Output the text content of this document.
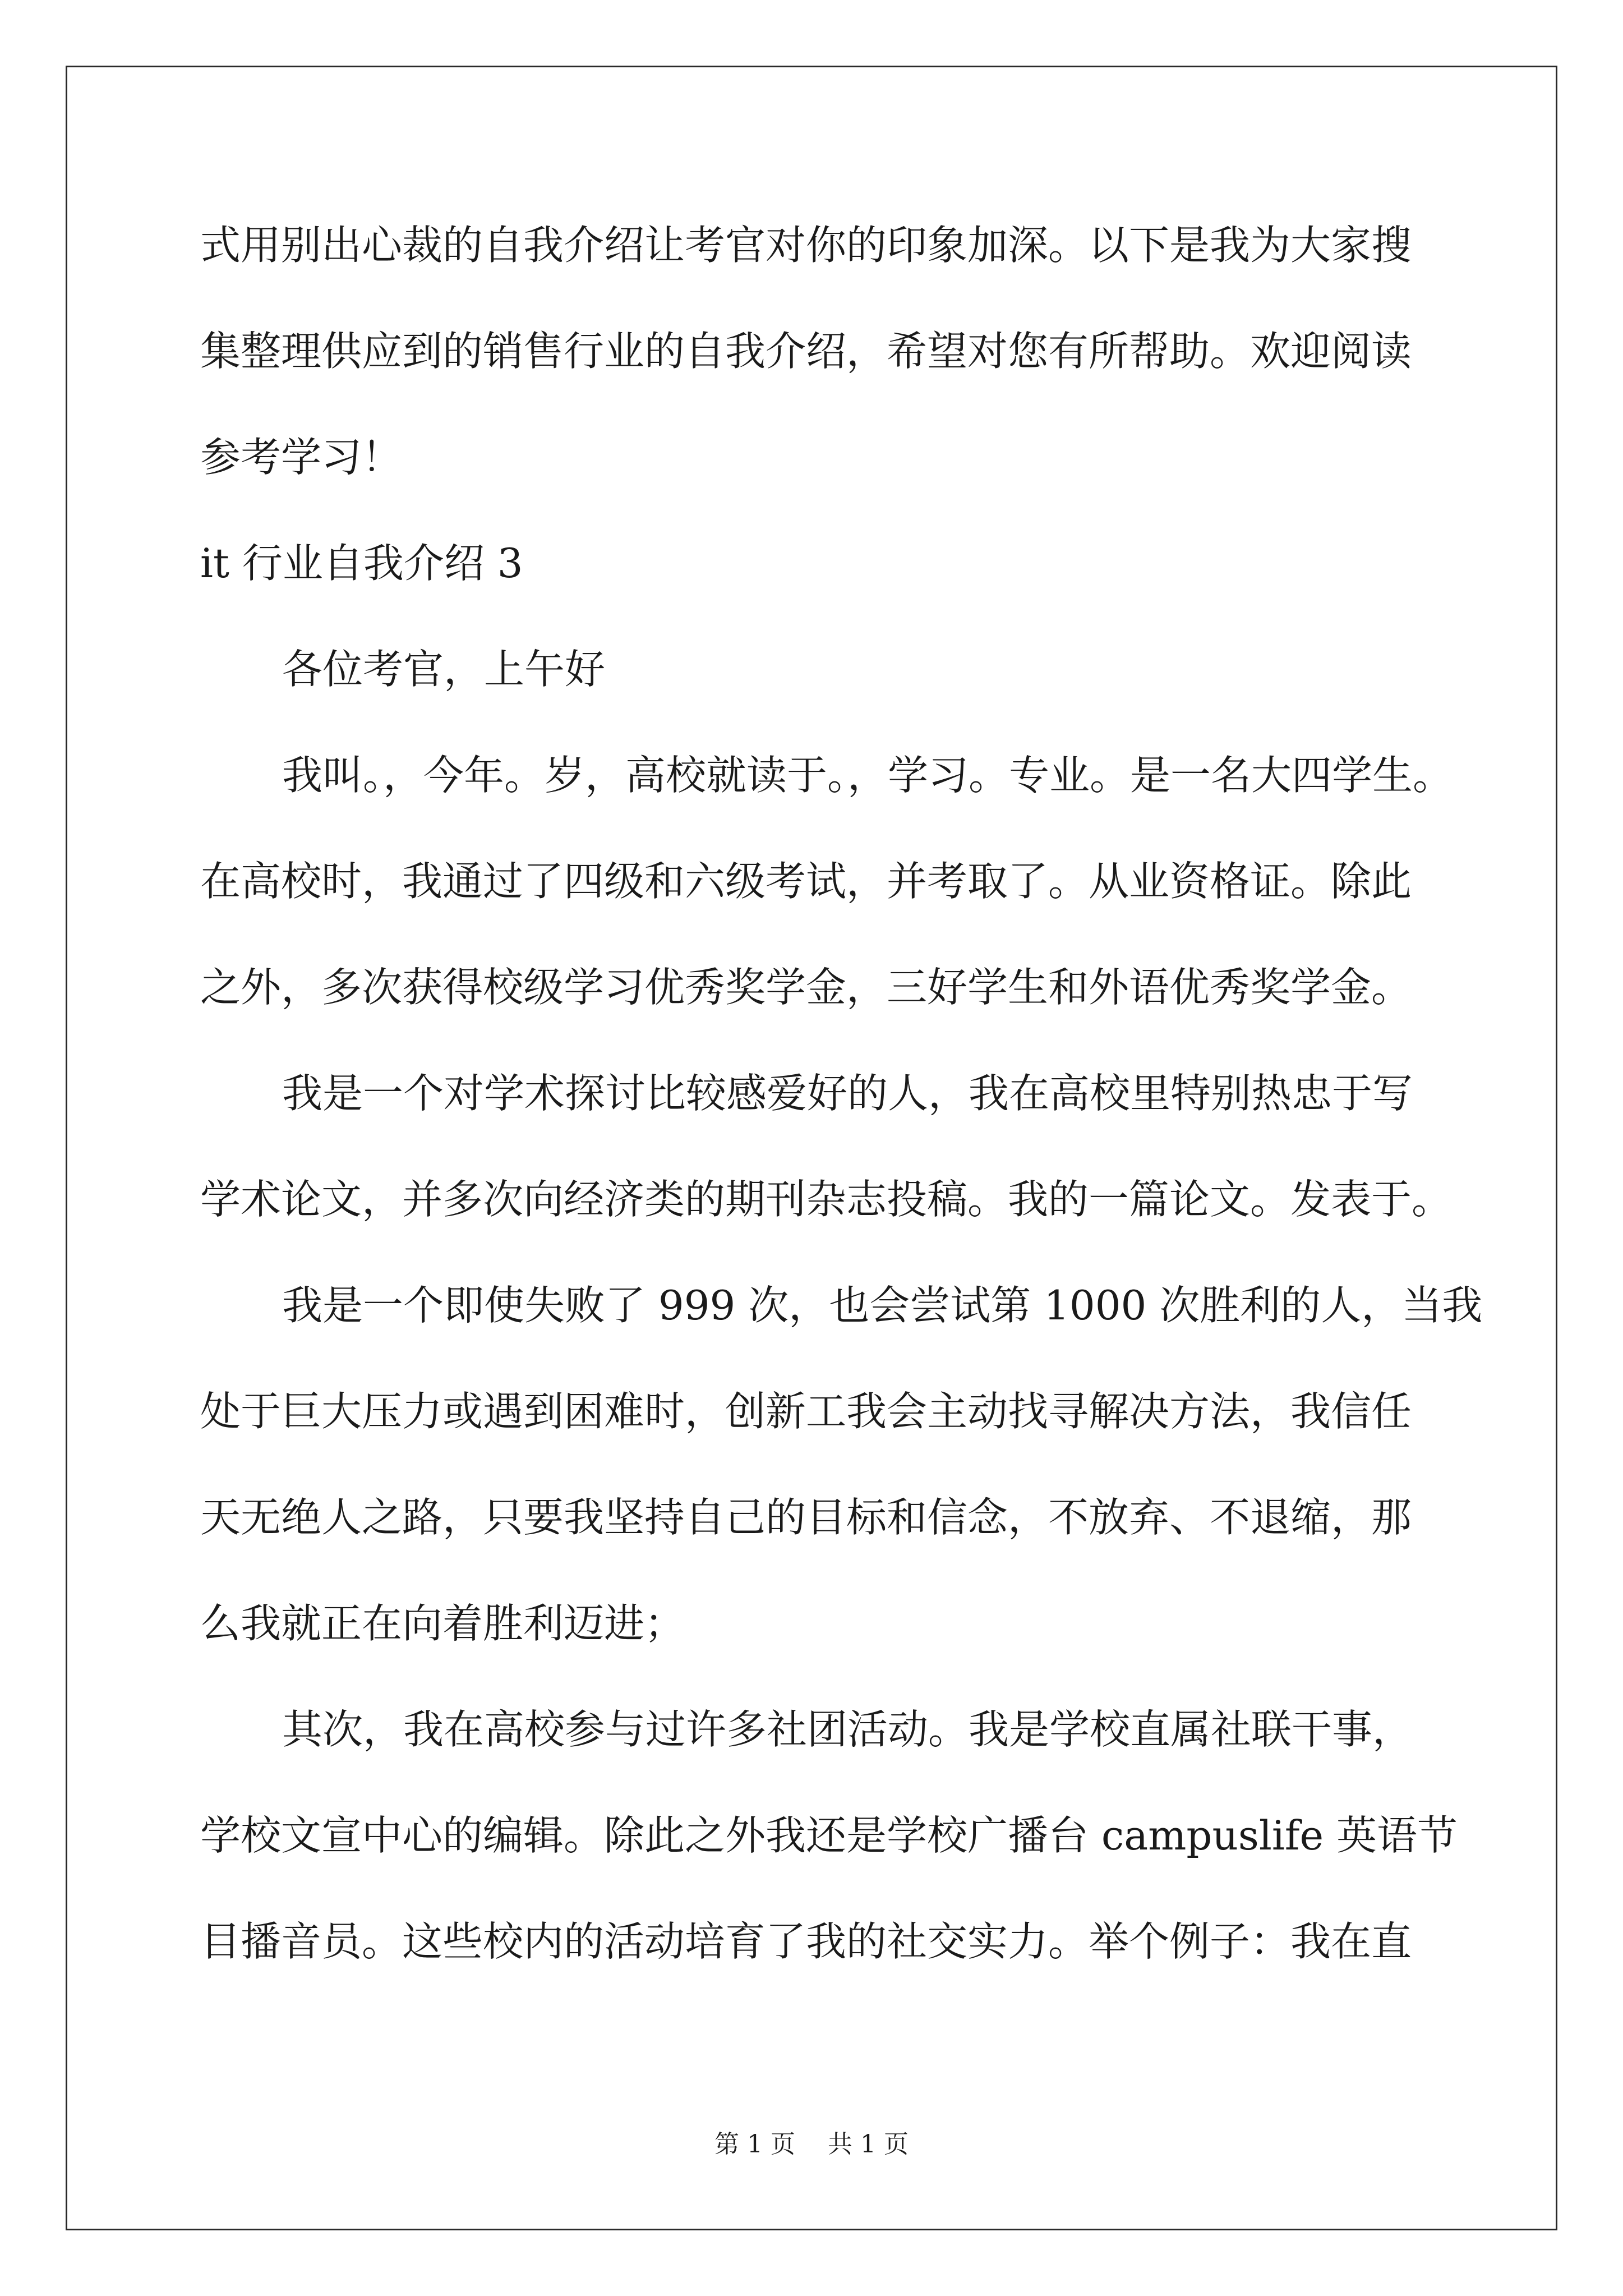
式用别出心裁的自我介绍让考官对你的印象加深。以下是我为大家搜
集整理供应到的销售行业的自我介绍，希望对您有所帮助。欢迎阅读
参考学习！
it 行业自我介绍 3
各位考官，上午好
我叫。，今年。岁，高校就读于。，学习。专业。是一名大四学生。
在高校时，我通过了四级和六级考试，并考取了。从业资格证。除此
之外，多次获得校级学习优秀奖学金，三好学生和外语优秀奖学金。
我是一个对学术探讨比较感爱好的人，我在高校里特别热忠于写
学术论文，并多次向经济类的期刊杂志投稿。我的一篇论文。发表于。
我是一个即使失败了 999 次，也会尝试第 1000 次胜利的人，当我
处于巨大压力或遇到困难时，创新工我会主动找寻解决方法，我信任
天无绝人之路，只要我坚持自己的目标和信念，不放弃、不退缩，那
么我就正在向着胜利迈进；
其次，我在高校参与过许多社团活动。我是学校直属社联干事，
学校文宣中心的编辑。除此之外我还是学校广播台 campuslife 英语节
目播音员。这些校内的活动培育了我的社交实力。举个例子：我在直
第 1 页　 共 1 页
